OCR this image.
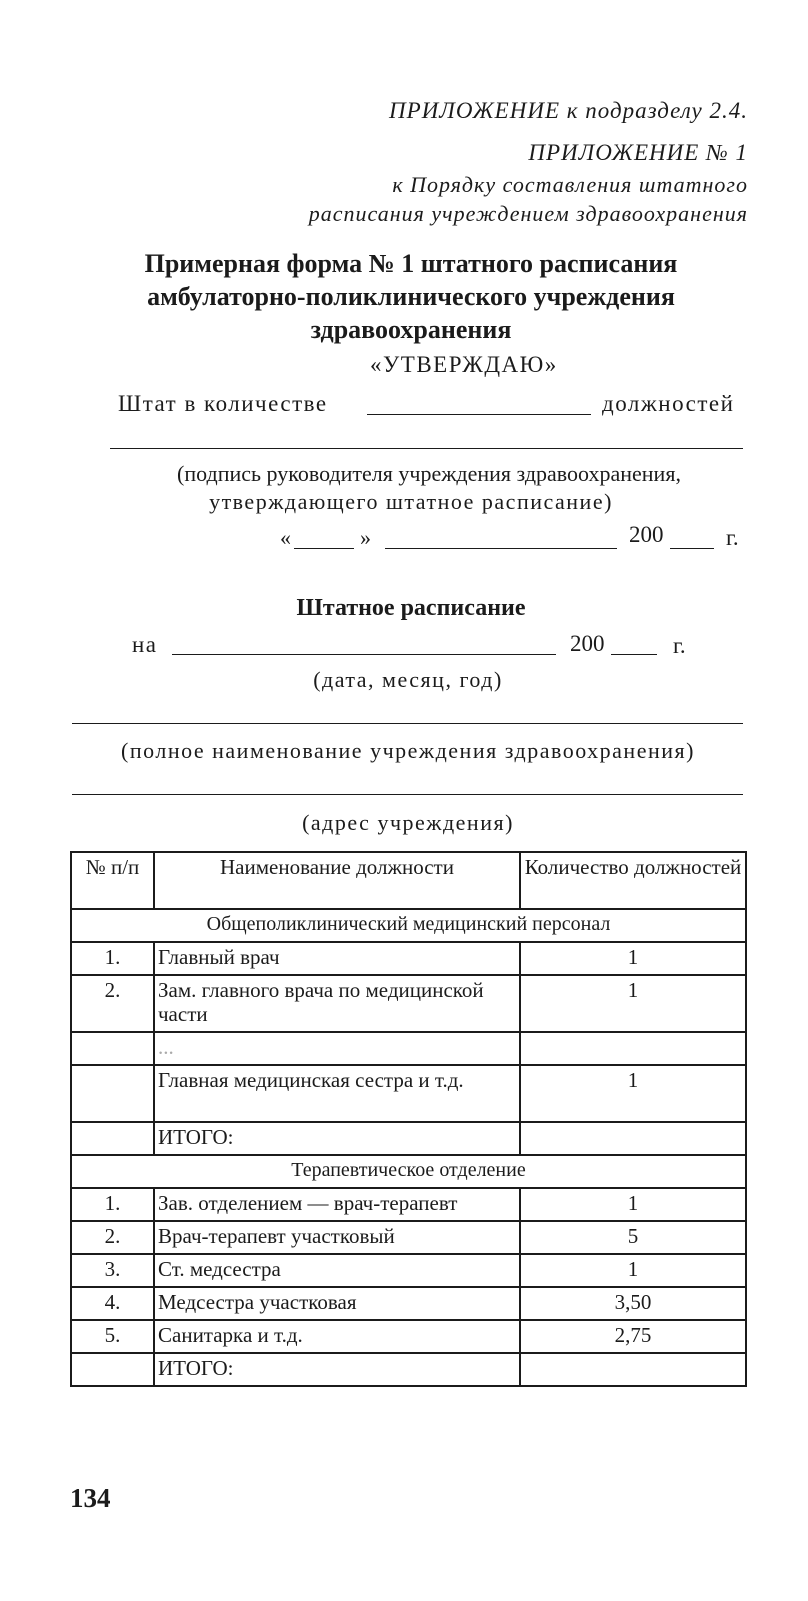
ПРИЛОЖЕНИЕ к подразделу 2.4.
ПРИЛОЖЕНИЕ № 1
к Порядку составления штатного
расписания учреждением здравоохранения
Примерная форма № 1 штатного расписания
амбулаторно-поликлинического учреждения
здравоохранения
«УТВЕРЖДАЮ»
Штат в количестве	должностей
(подпись руководителя учреждения здравоохранения,
утверждающего штатное расписание)
«	»	200	г.
Штатное расписание
на	200	г.
(дата, месяц, год)
(полное наименование учреждения здравоохранения)
(адрес учреждения)
№ п/п	Наименование должности	Количество должностей
Общеполиклинический медицинский персонал		
1.	Главный врач	1
2.	Зам. главного врача по медицинской части	1
	...	
	Главная медицинская сестра и т.д.	1
	ИТОГО:	
Терапевтическое отделение		
1.	Зав. отделением — врач-терапевт	1
2.	Врач-терапевт участковый	5
3.	Ст. медсестра	1
4.	Медсестра участковая	3,50
5.	Санитарка и т.д.	2,75
	ИТОГО:	
134
